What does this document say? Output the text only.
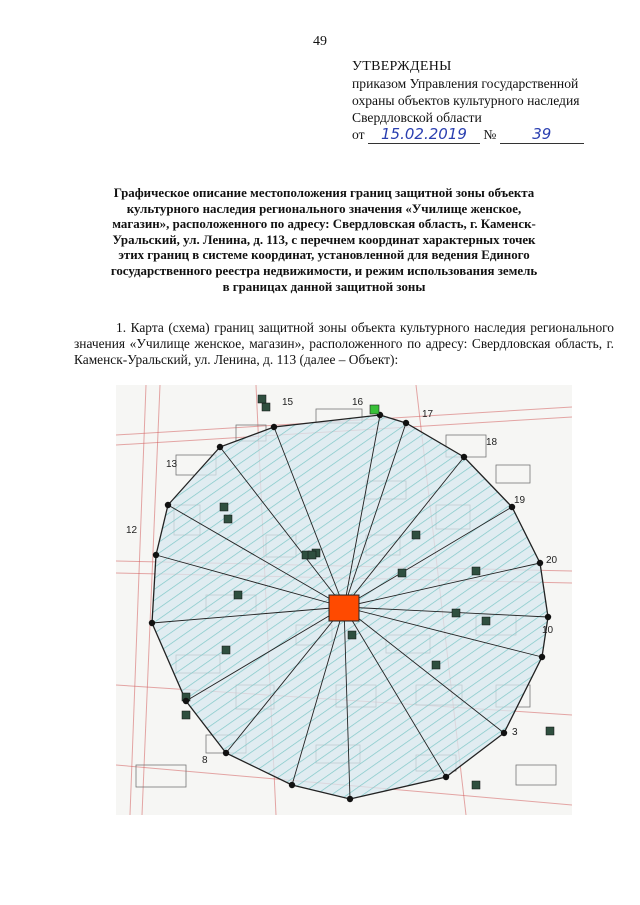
49
УТВЕРЖДЕНЫ
приказом Управления государственной
охраны объектов культурного наследия
Свердловской области
от 15.02.2019 № 39
Графическое описание местоположения границ защитной зоны объекта
культурного наследия регионального значения «Училище женское,
магазин», расположенного по адресу: Свердловская область, г. Каменск-
Уральский, ул. Ленина, д. 113, с перечнем координат характерных точек
этих границ в системе координат, установленной для ведения Единого
государственного реестра недвижимости, и режим использования земель
в границах данной защитной зоны
1. Карта (схема) границ защитной зоны объекта культурного наследия регионального значения «Училище женское, магазин», расположенного по адресу: Свердловская область, г. Каменск-Уральский, ул. Ленина, д. 113 (далее – Объект):
3
8
10
12
13
15	16
17
18
19
20
